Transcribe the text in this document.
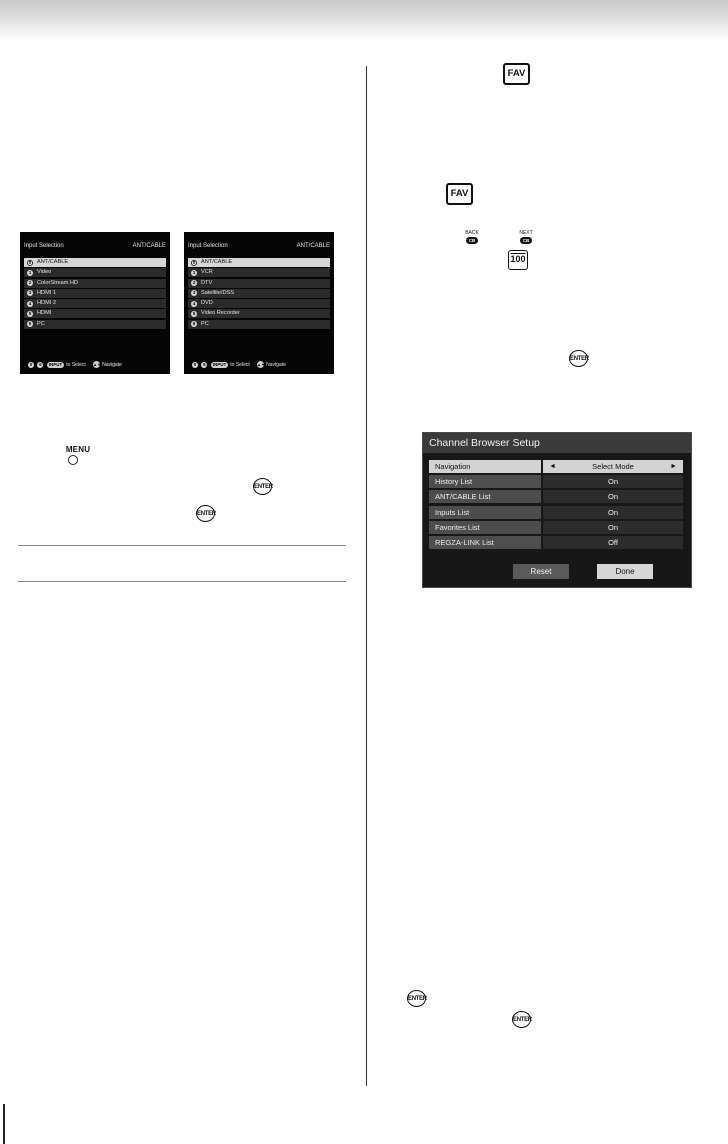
Input Selection	ANT/CABLE
0	ANT/CABLE
1	Video
2	ColorStream HD
3	HDMI 1
4	HDMI 2
5	HDMI
6	PC
0 6 INPUT to Select ▲▼Navigate
Input Selection	ANT/CABLE
0	ANT/CABLE
1	VCR
2	DTV
3	Satellite/DSS
4	DVD
5	Video Recorder
6	PC
0 6 INPUT to Select ▲▼Navigate
MENU
ENTER
ENTER
FAV
FAV
BACK
CB
NEXT
CB
100
ENTER
Channel Browser Setup
Navigation	◄	Select Mode	►
History List	On
ANT/CABLE List	On
Inputs List	On
Favorites List	On
REGZA-LINK List	Off
Reset	Done
ENTER
ENTER
